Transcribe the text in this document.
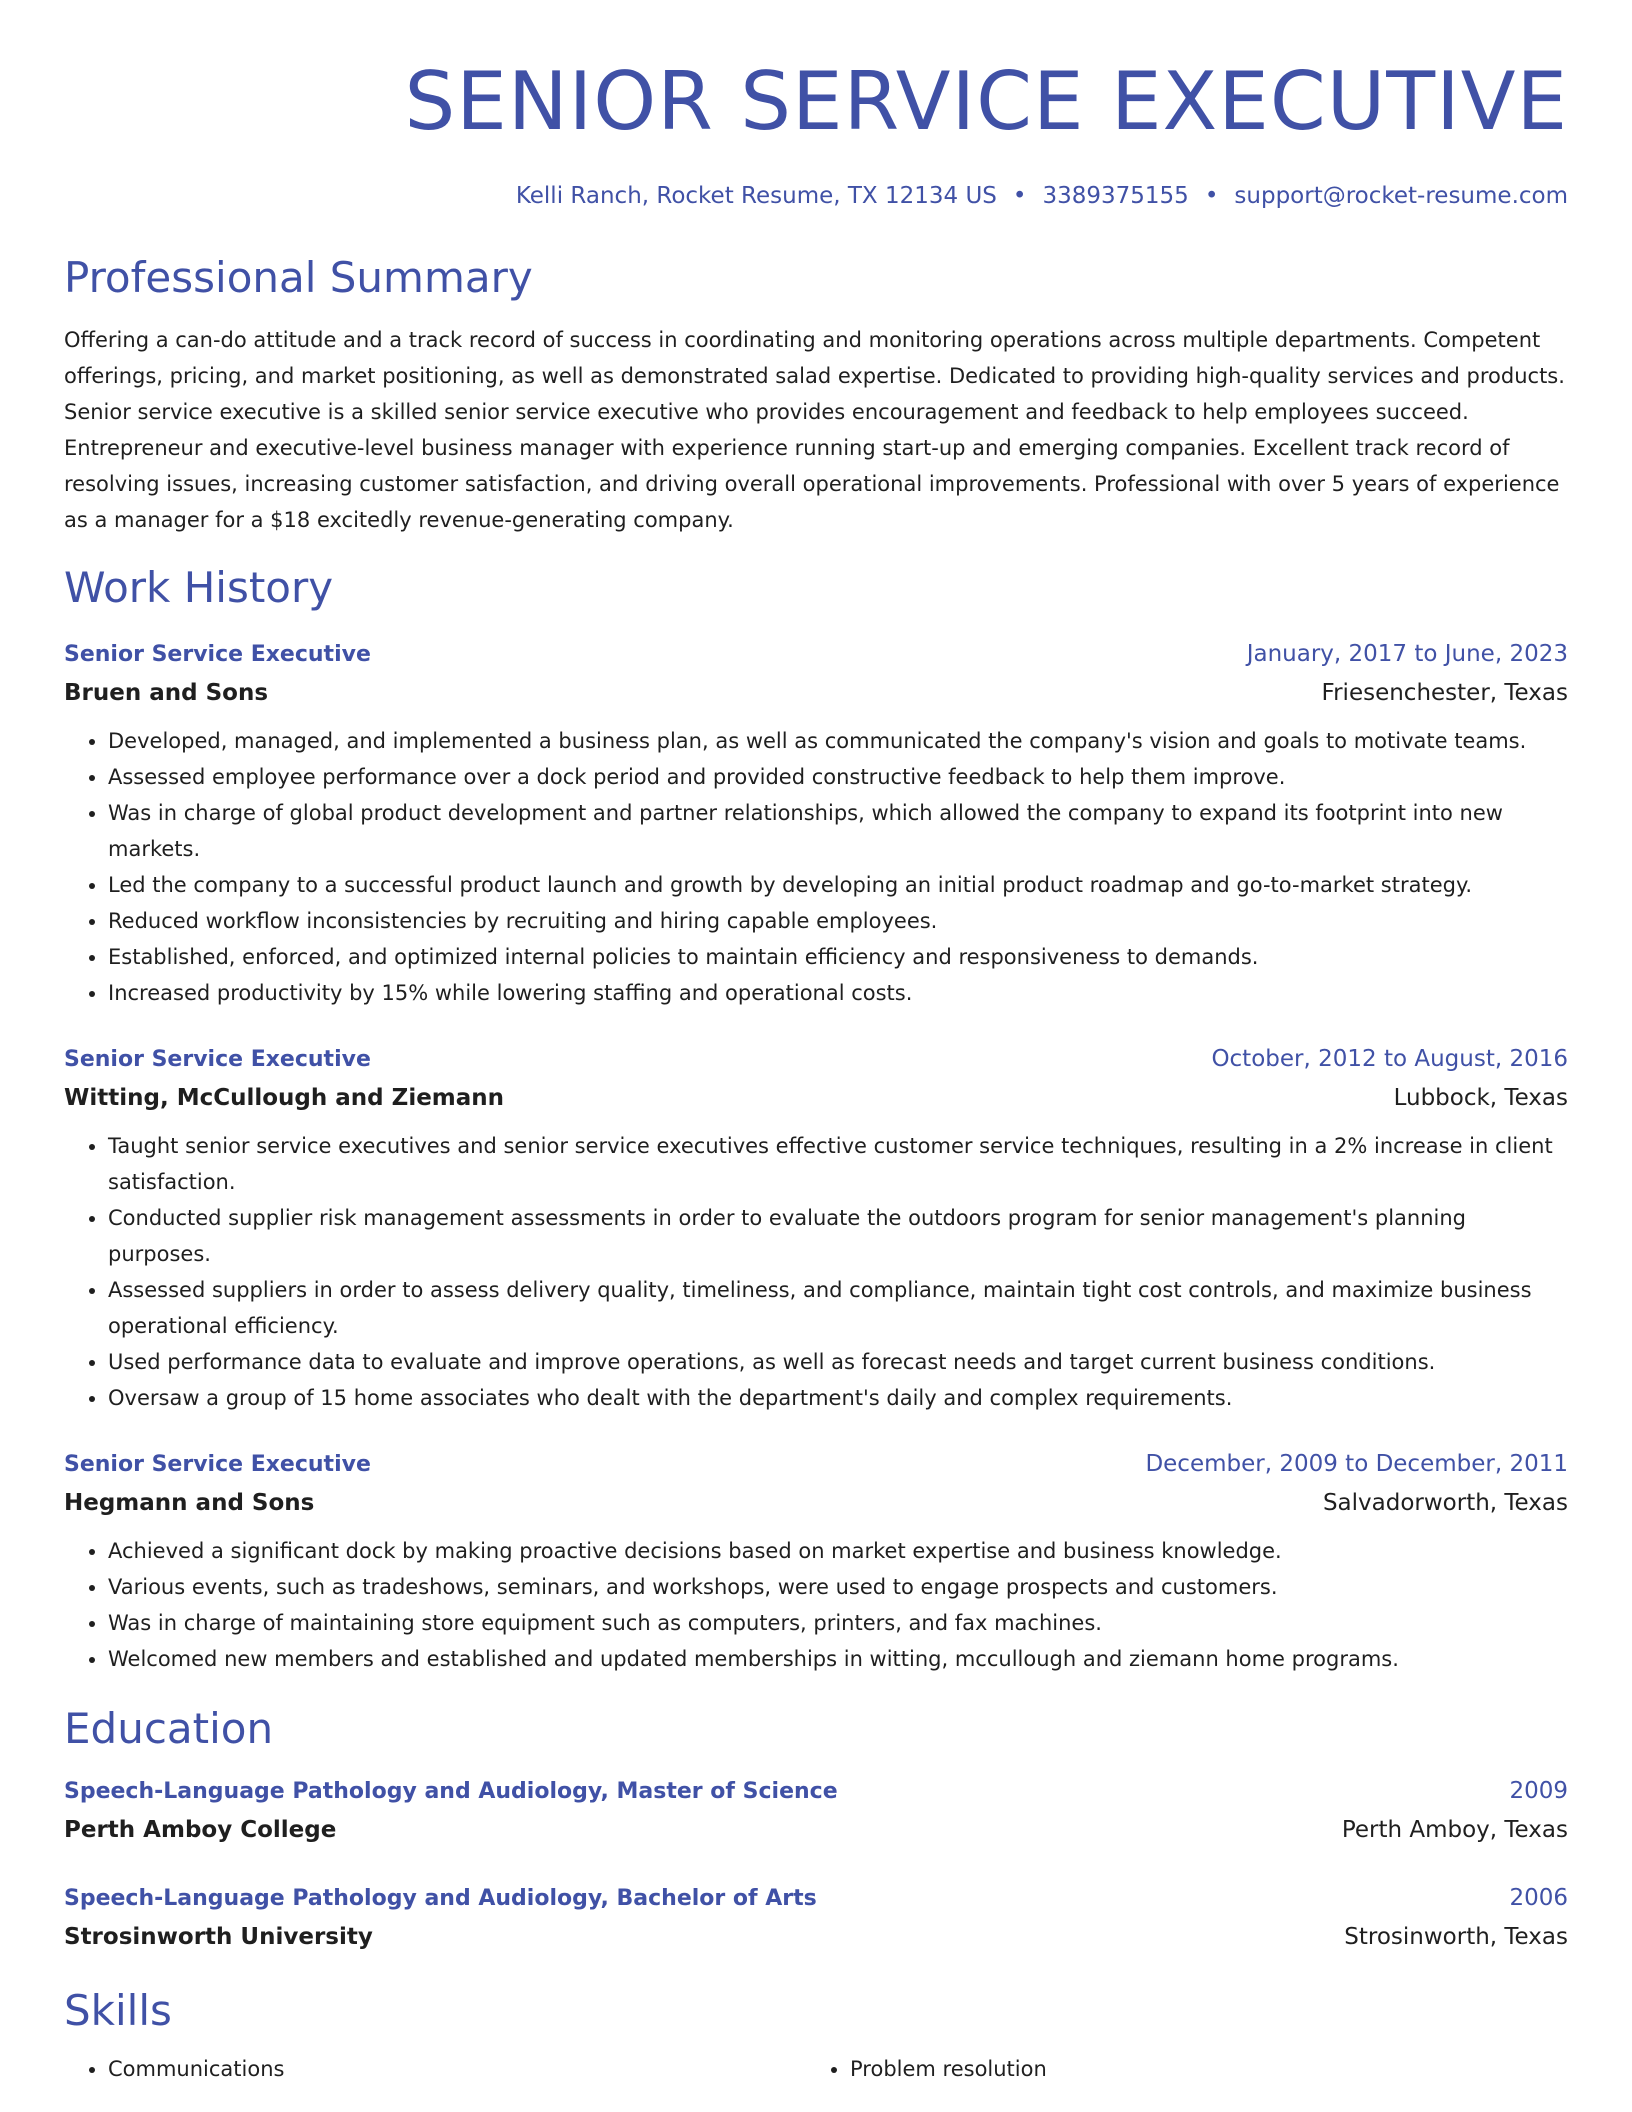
SENIOR SERVICE EXECUTIVE
Kelli Ranch, Rocket Resume, TX 12134 US • 3389375155 • support@rocket-resume.com
Professional Summary
Offering a can-do attitude and a track record of success in coordinating and monitoring operations across multiple departments. Competent offerings, pricing, and market positioning, as well as demonstrated salad expertise. Dedicated to providing high-quality services and products. Senior service executive is a skilled senior service executive who provides encouragement and feedback to help employees succeed. Entrepreneur and executive-level business manager with experience running start-up and emerging companies. Excellent track record of resolving issues, increasing customer satisfaction, and driving overall operational improvements. Professional with over 5 years of experience as a manager for a $18 excitedly revenue-generating company.
Work History
Senior Service Executive	January, 2017 to June, 2023
Bruen and Sons	Friesenchester, Texas
• Developed, managed, and implemented a business plan, as well as communicated the company's vision and goals to motivate teams.
• Assessed employee performance over a dock period and provided constructive feedback to help them improve.
• Was in charge of global product development and partner relationships, which allowed the company to expand its footprint into new markets.
• Led the company to a successful product launch and growth by developing an initial product roadmap and go-to-market strategy.
• Reduced workflow inconsistencies by recruiting and hiring capable employees.
• Established, enforced, and optimized internal policies to maintain efficiency and responsiveness to demands.
• Increased productivity by 15% while lowering staffing and operational costs.
Senior Service Executive	October, 2012 to August, 2016
Witting, McCullough and Ziemann	Lubbock, Texas
• Taught senior service executives and senior service executives effective customer service techniques, resulting in a 2% increase in client satisfaction.
• Conducted supplier risk management assessments in order to evaluate the outdoors program for senior management's planning purposes.
• Assessed suppliers in order to assess delivery quality, timeliness, and compliance, maintain tight cost controls, and maximize business operational efficiency.
• Used performance data to evaluate and improve operations, as well as forecast needs and target current business conditions.
• Oversaw a group of 15 home associates who dealt with the department's daily and complex requirements.
Senior Service Executive	December, 2009 to December, 2011
Hegmann and Sons	Salvadorworth, Texas
• Achieved a significant dock by making proactive decisions based on market expertise and business knowledge.
• Various events, such as tradeshows, seminars, and workshops, were used to engage prospects and customers.
• Was in charge of maintaining store equipment such as computers, printers, and fax machines.
• Welcomed new members and established and updated memberships in witting, mccullough and ziemann home programs.
Education
Speech-Language Pathology and Audiology, Master of Science	2009
Perth Amboy College	Perth Amboy, Texas
Speech-Language Pathology and Audiology, Bachelor of Arts	2006
Strosinworth University	Strosinworth, Texas
Skills
• Communications
•	Problem resolution
